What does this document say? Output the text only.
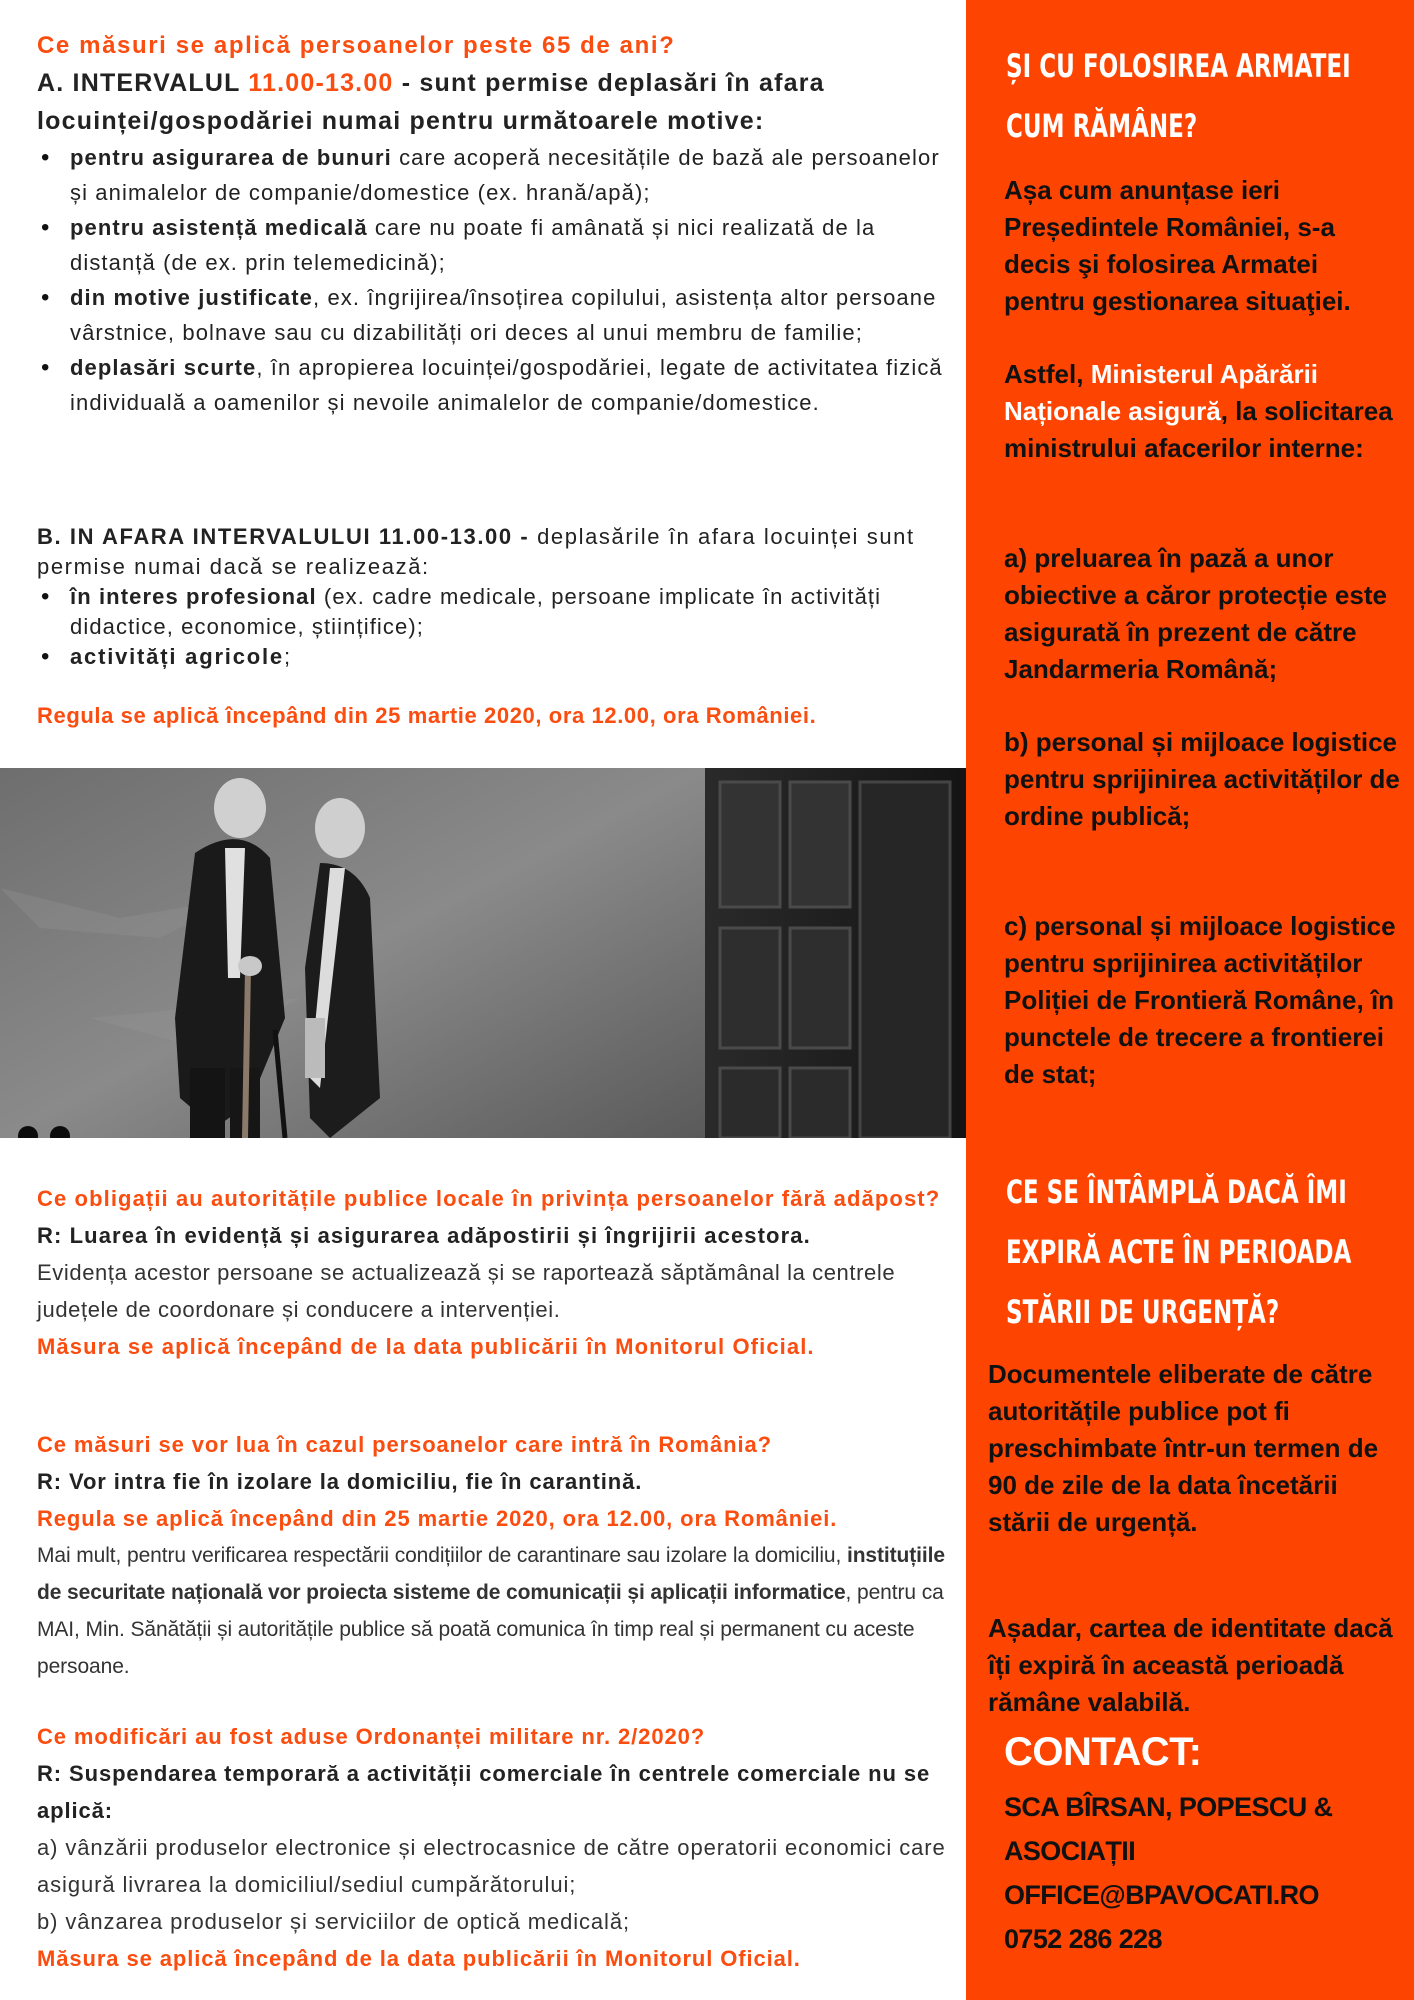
Ce măsuri se aplică persoanelor peste 65 de ani?
A. INTERVALUL 11.00-13.00 - sunt permise deplasări în afara locuinței/gospodăriei numai pentru următoarele motive:
• pentru asigurarea de bunuri care acoperă necesitățile de bază ale persoanelor și animalelor de companie/domestice (ex. hrană/apă);
• pentru asistență medicală care nu poate fi amânată și nici realizată de la distanță (de ex. prin telemedicină);
• din motive justificate, ex. îngrijirea/însoțirea copilului, asistența altor persoane vârstnice, bolnave sau cu dizabilități ori deces al unui membru de familie;
• deplasări scurte, în apropierea locuinței/gospodăriei, legate de activitatea fizică individuală a oamenilor și nevoile animalelor de companie/domestice.
B. IN AFARA INTERVALULUI 11.00-13.00 - deplasările în afara locuinței sunt permise numai dacă se realizează:
• în interes profesional (ex. cadre medicale, persoane implicate în activități didactice, economice, științifice);
• activități agricole;
Regula se aplică începând din 25 martie 2020, ora 12.00, ora României.
Ce obligații au autoritățile publice locale în privința persoanelor fără adăpost?
R: Luarea în evidență și asigurarea adăpostirii și îngrijirii acestora.
Evidența acestor persoane se actualizează și se raportează săptămânal la centrele județele de coordonare și conducere a intervenției.
Măsura se aplică începând de la data publicării în Monitorul Oficial.
Ce măsuri se vor lua în cazul persoanelor care intră în România?
R: Vor intra fie în izolare la domiciliu, fie în carantină.
Regula se aplică începând din 25 martie 2020, ora 12.00, ora României.
Mai mult, pentru verificarea respectării condițiilor de carantinare sau izolare la domiciliu, instituțiile de securitate națională vor proiecta sisteme de comunicații și aplicații informatice, pentru ca MAI, Min. Sănătății și autoritățile publice să poată comunica în timp real și permanent cu aceste persoane.
Ce modificări au fost aduse Ordonanței militare nr. 2/2020?
R: Suspendarea temporară a activității comerciale în centrele comerciale nu se aplică:
a) vânzării produselor electronice și electrocasnice de către operatorii economici care asigură livrarea la domiciliul/sediul cumpărătorului;
b) vânzarea produselor și serviciilor de optică medicală;
Măsura se aplică începând de la data publicării în Monitorul Oficial.
ȘI CU FOLOSIREA ARMATEI
CUM RĂMÂNE?
Așa cum anunțase ieri Președintele României, s-a decis şi folosirea Armatei pentru gestionarea situaţiei.
Astfel, Ministerul Apărării Naționale asigură, la solicitarea ministrului afacerilor interne:
a) preluarea în pază a unor obiective a căror protecție este asigurată în prezent de către Jandarmeria Română;
b) personal și mijloace logistice pentru sprijinirea activităților de ordine publică;
c) personal și mijloace logistice pentru sprijinirea activităților Poliției de Frontieră Române, în punctele de trecere a frontierei de stat;
CE SE ÎNTÂMPLĂ DACĂ ÎMI
EXPIRĂ ACTE ÎN PERIOADA
STĂRII DE URGENȚĂ?
Documentele eliberate de către autoritățile publice pot fi preschimbate într-un termen de 90 de zile de la data încetării stării de urgență.
Așadar, cartea de identitate dacă îți expiră în această perioadă rămâne valabilă.
CONTACT:
SCA BÎRSAN, POPESCU &
ASOCIAȚII
OFFICE@BPAVOCATI.RO
0752 286 228
